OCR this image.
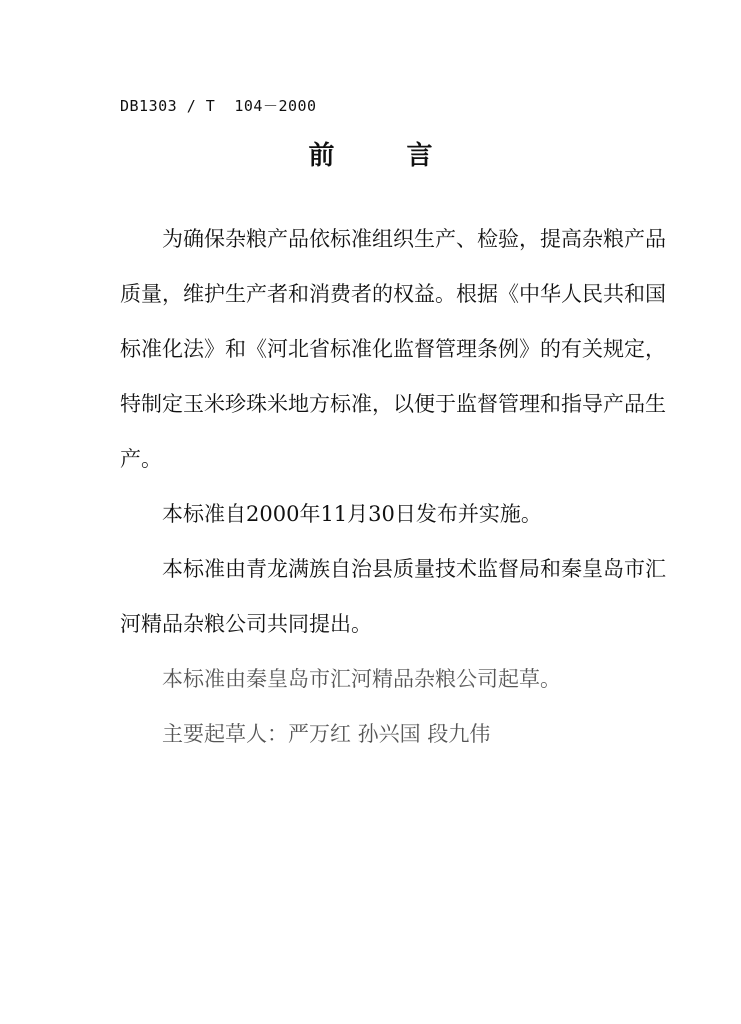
DB1303 / T  104－2000
前言

为确保杂粮产品依标准组织生产、检验，提高杂粮产品质量，维护生产者和消费者的权益。根据《中华人民共和国标准化法》和《河北省标准化监督管理条例》的有关规定，特制定玉米珍珠米地方标准，以便于监督管理和指导产品生产。

本标准自2000年11月30日发布并实施。

本标准由青龙满族自治县质量技术监督局和秦皇岛市汇河精品杂粮公司共同提出。

本标准由秦皇岛市汇河精品杂粮公司起草。

主要起草人：严万红 孙兴国 段九伟
